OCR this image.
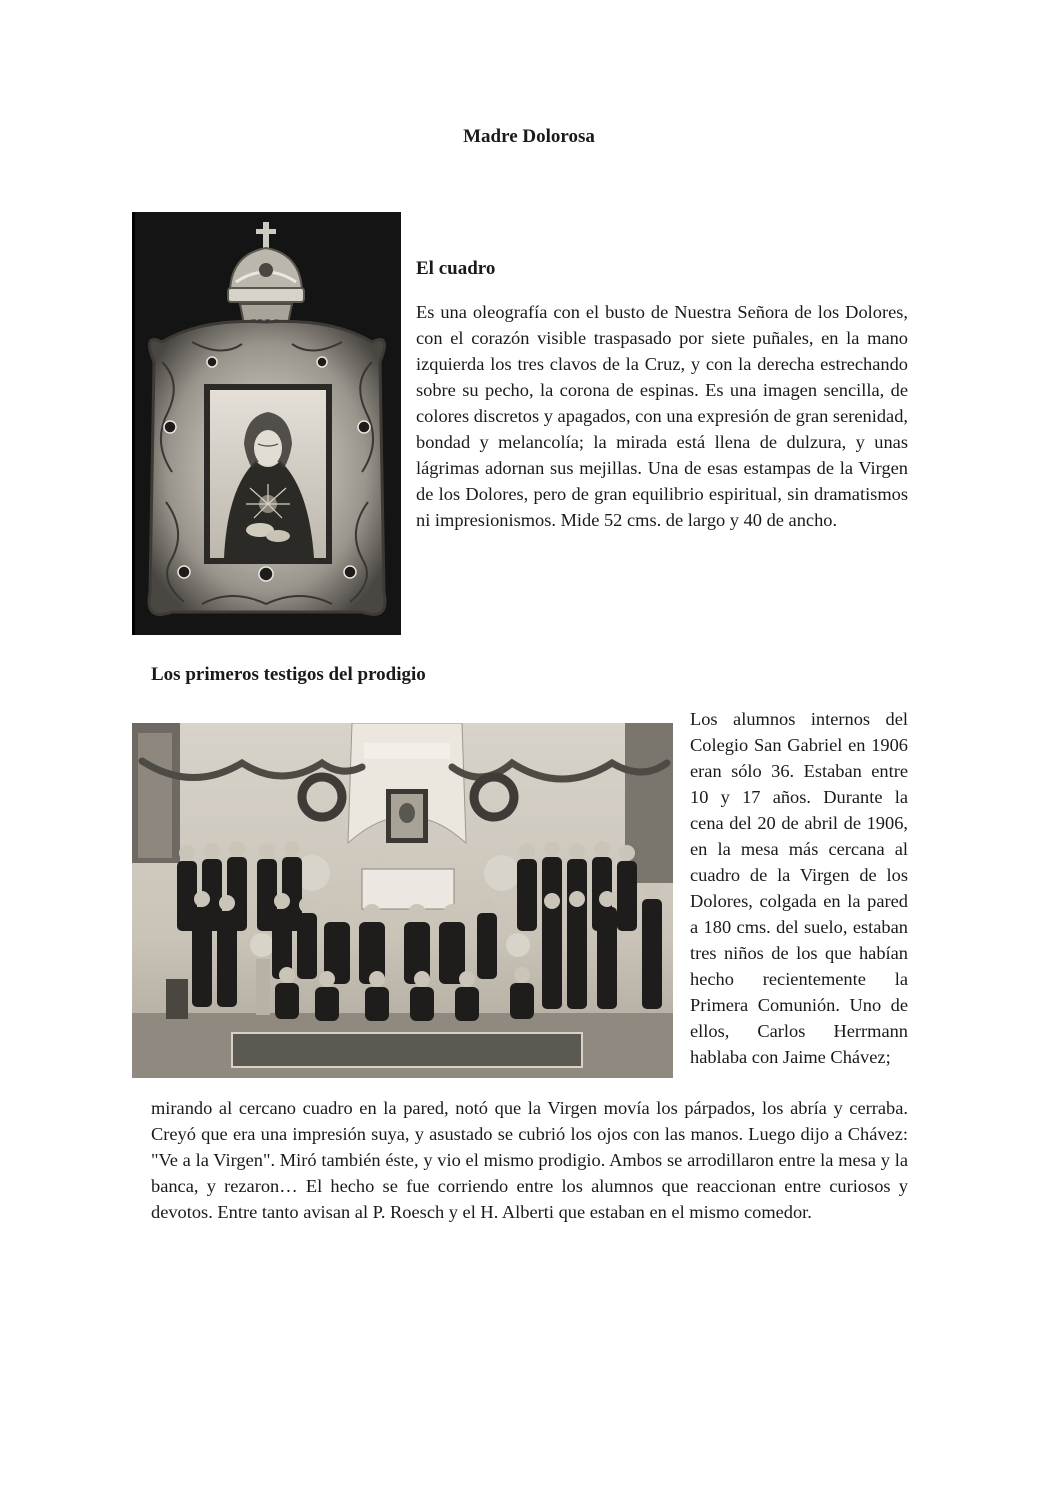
Madre Dolorosa
El cuadro

Es una oleografía con el busto de Nuestra Señora de los Dolores, con el corazón visible traspasado por siete puñales, en la mano izquierda los tres clavos de la Cruz, y con la derecha estrechando sobre su pecho, la corona de espinas. Es una imagen sencilla, de colores discretos y apagados, con una expresión de gran serenidad, bondad y melancolía; la mirada está llena de dulzura, y unas lágrimas adornan sus mejillas. Una de esas estampas de la Virgen de los Dolores, pero de gran equilibrio espiritual, sin dramatismos ni impresionismos. Mide 52 cms. de largo y 40 de ancho.

Los primeros testigos del prodigio

Los alumnos internos del Colegio San Gabriel en 1906 eran sólo 36. Estaban entre 10 y 17 años. Durante la cena del 20 de abril de 1906, en la mesa más cercana al cuadro de la Virgen de los Dolores, colgada en la pared a 180 cms. del suelo, estaban tres niños de los que habían hecho recientemente la Primera Comunión. Uno de ellos, Carlos Herrmann hablaba con Jaime Chávez;

mirando al cercano cuadro en la pared, notó que la Virgen movía los párpados, los abría y cerraba. Creyó que era una impresión suya, y asustado se cubrió los ojos con las manos. Luego dijo a Chávez: "Ve a la Virgen". Miró también éste, y vio el mismo prodigio. Ambos se arrodillaron entre la mesa y la banca, y rezaron… El hecho se fue corriendo entre los alumnos que reaccionan entre curiosos y devotos. Entre tanto avisan al P. Roesch y el H. Alberti que estaban en el mismo comedor.
